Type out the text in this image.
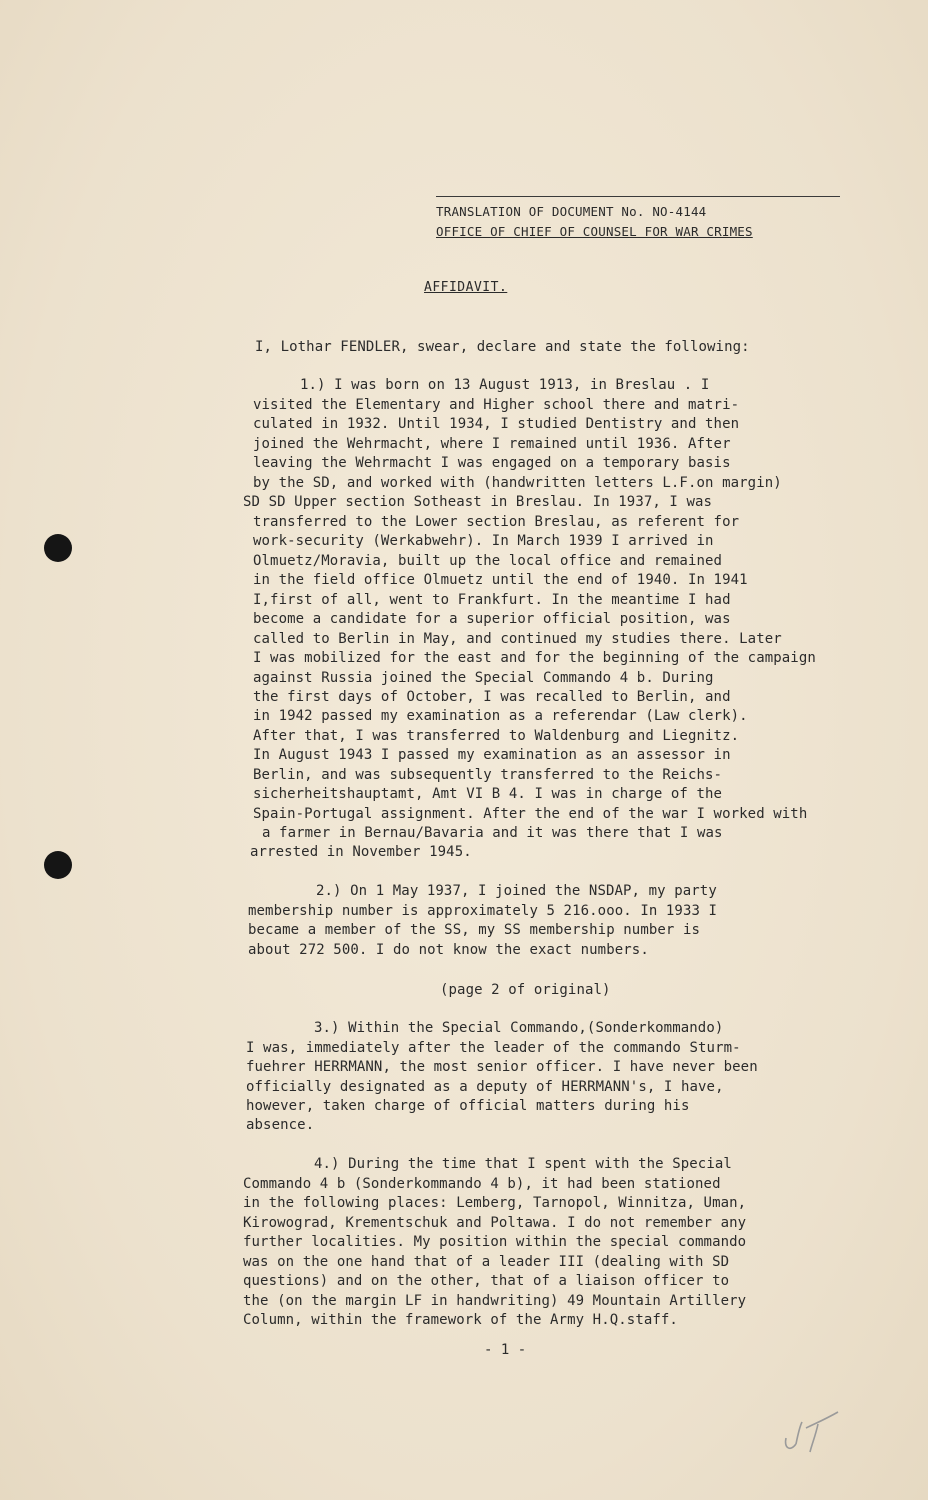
TRANSLATION OF DOCUMENT No. NO-4144
OFFICE OF CHIEF OF COUNSEL FOR WAR CRIMES
AFFIDAVIT.
I, Lothar FENDLER, swear, declare and state the following:
1.) I was born on 13 August 1913, in Breslau . I
visited the Elementary and Higher school there and matri-
culated in 1932. Until 1934, I studied Dentistry and then
joined the Wehrmacht, where I remained until 1936. After
leaving the Wehrmacht I was engaged on a temporary basis
by the SD, and worked with (handwritten letters L.F.on margin)
SD SD Upper section Sotheast in Breslau. In 1937, I was
transferred to the Lower section Breslau, as referent for
work-security (Werkabwehr). In March 1939 I arrived in
Olmuetz/Moravia, built up the local office and remained
in the field office Olmuetz until the end of 1940. In 1941
I,first of all, went to Frankfurt. In the meantime I had
become a candidate for a superior official position, was
called to Berlin in May, and continued my studies there. Later
I was mobilized for the east and for the beginning of the campaign
against Russia joined the Special Commando 4 b. During
the first days of October, I was recalled to Berlin, and
in 1942 passed my examination as a referendar (Law clerk).
After that, I was transferred to Waldenburg and Liegnitz.
In August 1943 I passed my examination as an assessor in
Berlin, and was subsequently transferred to the Reichs-
sicherheitshauptamt, Amt VI B 4. I was in charge of the
Spain-Portugal assignment. After the end of the war I worked with
a farmer in Bernau/Bavaria and it was there that I was
arrested in November 1945.
2.) On 1 May 1937, I joined the NSDAP, my party
membership number is approximately 5 216.ooo. In 1933 I
became a member of the SS, my SS membership number is
about 272 500. I do not know the exact numbers.
(page 2 of original)
3.) Within the Special Commando,(Sonderkommando)
I was, immediately after the leader of the commando Sturm-
fuehrer HERRMANN, the most senior officer. I have never been
officially designated as a deputy of HERRMANN's, I have,
however, taken charge of official matters during his
absence.
4.) During the time that I spent with the Special
Commando 4 b (Sonderkommando 4 b), it had been stationed
in the following places: Lemberg, Tarnopol, Winnitza, Uman,
Kirowograd, Krementschuk and Poltawa. I do not remember any
further localities. My position within the special commando
was on the one hand that of a leader III (dealing with SD
questions) and on the other, that of a liaison officer to
the (on the margin LF in handwriting) 49 Mountain Artillery
Column, within the framework of the Army H.Q.staff.
- 1 -
